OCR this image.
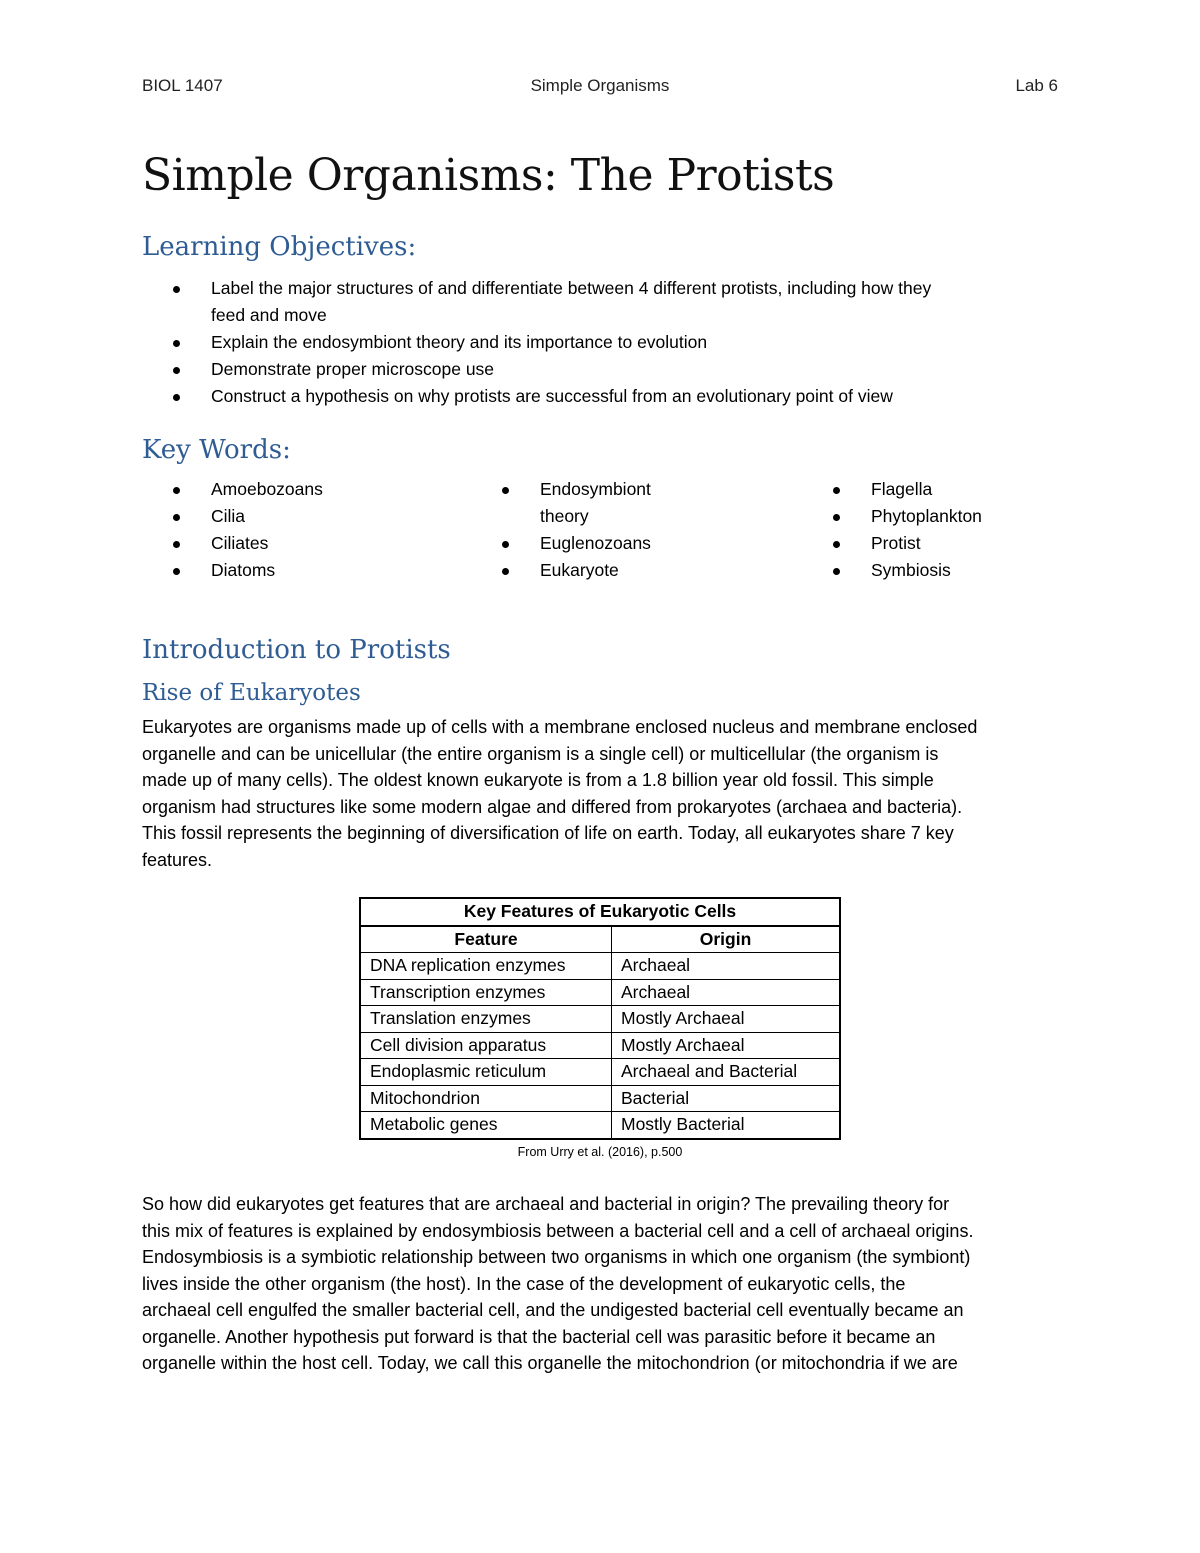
BIOL 1407	Simple Organisms	Lab 6
Simple Organisms: The Protists
Learning Objectives:
Label the major structures of and differentiate between 4 different protists, including how they
feed and move
Explain the endosymbiont theory and its importance to evolution
Demonstrate proper microscope use
Construct a hypothesis on why protists are successful from an evolutionary point of view
Key Words:
Amoebozoans
Cilia
Ciliates
Diatoms
Endosymbiont
theory
Euglenozoans
Eukaryote
Flagella
Phytoplankton
Protist
Symbiosis
Introduction to Protists
Rise of Eukaryotes

Eukaryotes are organisms made up of cells with a membrane enclosed nucleus and membrane enclosed
organelle and can be unicellular (the entire organism is a single cell) or multicellular (the organism is
made up of many cells). The oldest known eukaryote is from a 1.8 billion year old fossil. This simple
organism had structures like some modern algae and differed from prokaryotes (archaea and bacteria).
This fossil represents the beginning of diversification of life on earth. Today, all eukaryotes share 7 key
features.

Key Features of Eukaryotic Cells	
Feature	Origin
DNA replication enzymes	Archaeal
Transcription enzymes	Archaeal
Translation enzymes	Mostly Archaeal
Cell division apparatus	Mostly Archaeal
Endoplasmic reticulum	Archaeal and Bacterial
Mitochondrion	Bacterial
Metabolic genes	Mostly Bacterial
From Urry et al. (2016), p.500

So how did eukaryotes get features that are archaeal and bacterial in origin? The prevailing theory for
this mix of features is explained by endosymbiosis between a bacterial cell and a cell of archaeal origins.
Endosymbiosis is a symbiotic relationship between two organisms in which one organism (the symbiont)
lives inside the other organism (the host). In the case of the development of eukaryotic cells, the
archaeal cell engulfed the smaller bacterial cell, and the undigested bacterial cell eventually became an
organelle. Another hypothesis put forward is that the bacterial cell was parasitic before it became an
organelle within the host cell. Today, we call this organelle the mitochondrion (or mitochondria if we are
